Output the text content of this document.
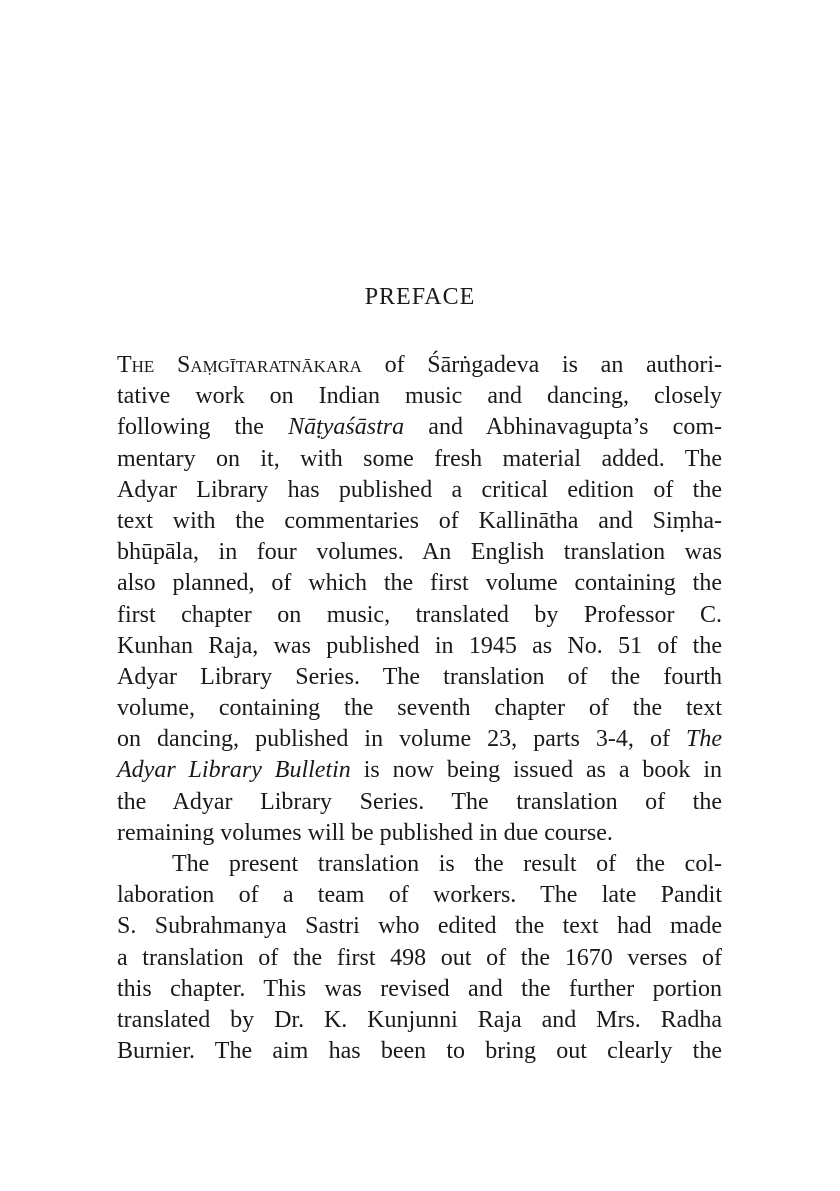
PREFACE
The Saṃgītaratnākara of Śārṅgadeva is an authori-
tative work on Indian music and dancing, closely
following the Nāṭyaśāstra and Abhinavagupta’s com-
mentary on it, with some fresh material added. The
Adyar Library has published a critical edition of the
text with the commentaries of Kallinātha and Siṃha-
bhūpāla, in four volumes. An English translation was
also planned, of which the first volume containing the
first chapter on music, translated by Professor C.
Kunhan Raja, was published in 1945 as No. 51 of the
Adyar Library Series. The translation of the fourth
volume, containing the seventh chapter of the text
on dancing, published in volume 23, parts 3-4, of The
Adyar Library Bulletin is now being issued as a book in
the Adyar Library Series. The translation of the
remaining volumes will be published in due course.
The present translation is the result of the col-
laboration of a team of workers. The late Pandit
S. Subrahmanya Sastri who edited the text had made
a translation of the first 498 out of the 1670 verses of
this chapter. This was revised and the further portion
translated by Dr. K. Kunjunni Raja and Mrs. Radha
Burnier. The aim has been to bring out clearly the
